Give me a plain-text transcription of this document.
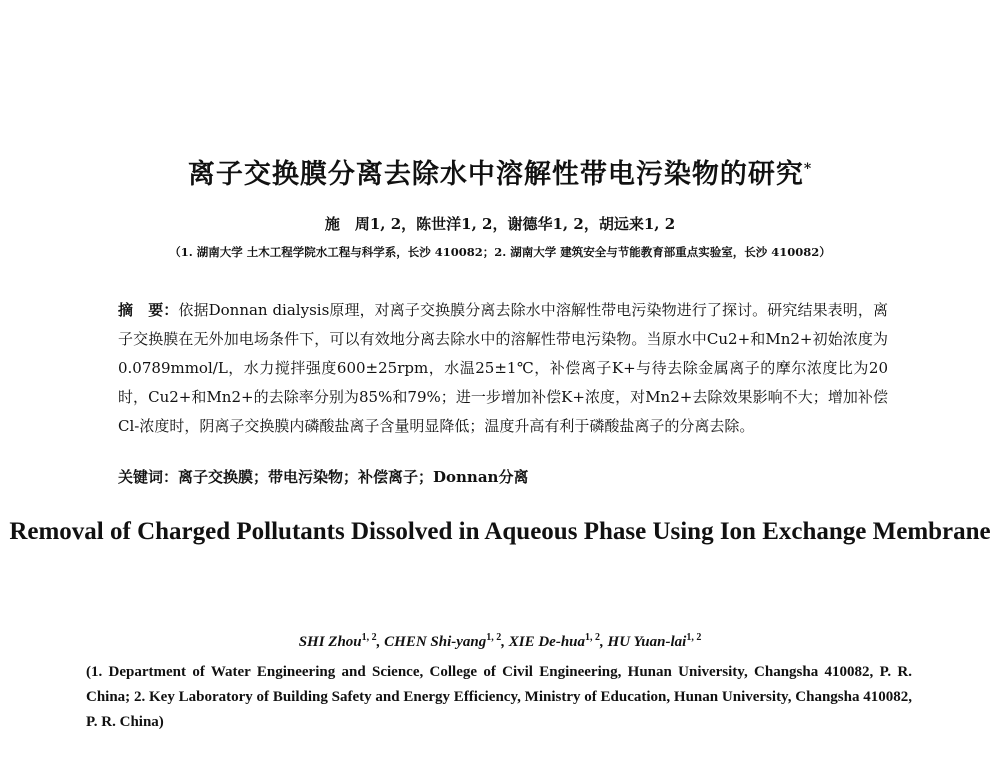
离子交换膜分离去除水中溶解性带电污染物的研究*
施　周1, 2，陈世洋1, 2，谢德华1, 2，胡远来1, 2
（1. 湖南大学 土木工程学院水工程与科学系，长沙 410082；2. 湖南大学 建筑安全与节能教育部重点实验室，长沙 410082）
摘　要：依据Donnan dialysis原理，对离子交换膜分离去除水中溶解性带电污染物进行了探讨。研究结果表明，离子交换膜在无外加电场条件下，可以有效地分离去除水中的溶解性带电污染物。当原水中Cu2+和Mn2+初始浓度为0.0789mmol/L，水力搅拌强度600±25rpm，水温25±1℃，补偿离子K+与待去除金属离子的摩尔浓度比为20时，Cu2+和Mn2+的去除率分别为85%和79%；进一步增加补偿K+浓度，对Mn2+去除效果影响不大；增加补偿Cl-浓度时，阴离子交换膜内磷酸盐离子含量明显降低；温度升高有利于磷酸盐离子的分离去除。
关键词：离子交换膜；带电污染物；补偿离子；Donnan分离
Removal of Charged Pollutants Dissolved in Aqueous Phase Using Ion Exchange Membrane
SHI Zhou$^{1, 2}$, CHEN Shi-yang$^{1, 2}$, XIE De-hua$^{1, 2}$, HU Yuan-lai$^{1, 2}$
(1. Department of Water Engineering and Science, College of Civil Engineering, Hunan University, Changsha 410082, P. R. China; 2. Key Laboratory of Building Safety and Energy Efficiency, Ministry of Education, Hunan University, Changsha 410082, P. R. China)
